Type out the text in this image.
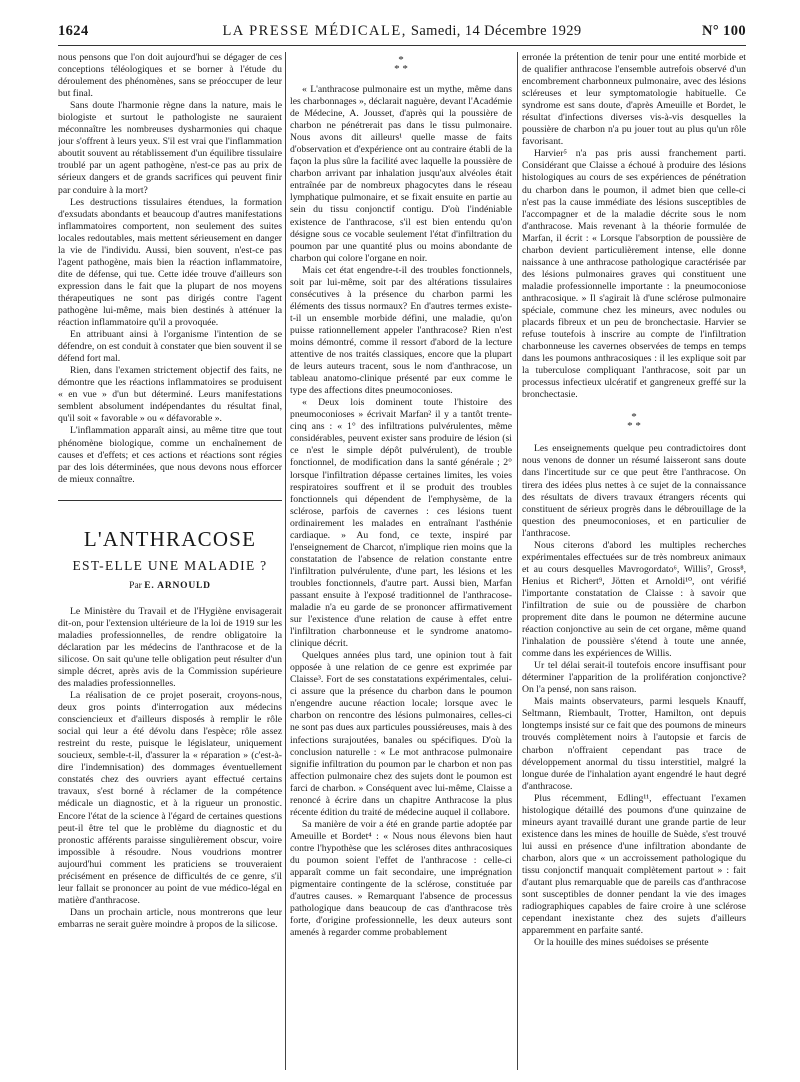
1624	LA PRESSE MÉDICALE, Samedi, 14 Décembre 1929	N° 100

nous pensons que l'on doit aujourd'hui se dégager de ces conceptions téléologiques et se borner à l'étude du déroulement des phénomènes, sans se préoccuper de leur but final.

Sans doute l'harmonie règne dans la nature, mais le biologiste et surtout le pathologiste ne sauraient méconnaître les nombreuses dysharmonies qui chaque jour s'offrent à leurs yeux. S'il est vrai que l'inflammation aboutit souvent au rétablissement d'un équilibre tissulaire troublé par un agent pathogène, n'est-ce pas au prix de sérieux dangers et de grands sacrifices qui peuvent finir par conduire à la mort?

Les destructions tissulaires étendues, la formation d'exsudats abondants et beaucoup d'autres manifestations inflammatoires comportent, non seulement des suites locales redoutables, mais mettent sérieusement en danger la vie de l'individu. Aussi, bien souvent, n'est-ce pas l'agent pathogène, mais bien la réaction inflammatoire, dite de défense, qui tue. Cette idée trouve d'ailleurs son expression dans le fait que la plupart de nos moyens thérapeutiques ne sont pas dirigés contre l'agent pathogène lui-même, mais bien destinés à atténuer la réaction inflammatoire qu'il a provoquée.

En attribuant ainsi à l'organisme l'intention de se défendre, on est conduit à constater que bien souvent il se défend fort mal.

Rien, dans l'examen strictement objectif des faits, ne démontre que les réactions inflammatoires se produisent « en vue » d'un but déterminé. Leurs manifestations semblent absolument indépendantes du résultat final, qu'il soit « favorable » ou « défavorable ».

L'inflammation apparaît ainsi, au même titre que tout phénomène biologique, comme un enchaînement de causes et d'effets; et ces actions et réactions sont régies par des lois déterminées, que nous devons nous efforcer de mieux connaître.

L'ANTHRACOSE
EST-ELLE UNE MALADIE ?
Par E. ARNOULD

Le Ministère du Travail et de l'Hygiène envisagerait dit-on, pour l'extension ultérieure de la loi de 1919 sur les maladies professionnelles, de rendre obligatoire la déclaration par les médecins de l'anthracose et de la silicose. On sait qu'une telle obligation peut résulter d'un simple décret, après avis de la Commission supérieure des maladies professionnelles.

La réalisation de ce projet poserait, croyons-nous, deux gros points d'interrogation aux médecins consciencieux et d'ailleurs disposés à remplir le rôle social qui leur a été dévolu dans l'espèce; rôle assez restreint du reste, puisque le législateur, uniquement soucieux, semble-t-il, d'assurer la « réparation » (c'est-à-dire l'indemnisation) des dommages éventuellement constatés chez des ouvriers ayant effectué certains travaux, s'est borné à réclamer de la compétence médicale un diagnostic, et à la rigueur un pronostic. Encore l'état de la science à l'égard de certaines questions peut-il être tel que le problème du diagnostic et du pronostic afférents paraisse singulièrement obscur, voire impossible à résoudre. Nous voudrions montrer aujourd'hui comment les praticiens se trouveraient précisément en présence de difficultés de ce genre, s'il leur fallait se prononcer au point de vue médico-légal en matière d'anthracose.

Dans un prochain article, nous montrerons que leur embarras ne serait guère moindre à propos de la silicose.

*
* *

« L'anthracose pulmonaire est un mythe, même dans les charbonnages », déclarait naguère, devant l'Académie de Médecine, A. Jousset, d'après qui la poussière de charbon ne pénétrerait pas dans le tissu pulmonaire. Nous avons dit ailleurs¹ quelle masse de faits d'observation et d'expérience ont au contraire établi de la façon la plus sûre la facilité avec laquelle la poussière de charbon arrivant par inhalation jusqu'aux alvéoles était entraînée par de nombreux phagocytes dans le réseau lymphatique pulmonaire, et se fixait ensuite en partie au sein du tissu conjonctif contigu. D'où l'indéniable existence de l'anthracose, s'il est bien entendu qu'on désigne sous ce vocable seulement l'état d'infiltration du poumon par une quantité plus ou moins abondante de charbon qui colore l'organe en noir.

Mais cet état engendre-t-il des troubles fonctionnels, soit par lui-même, soit par des altérations tissulaires consécutives à la présence du charbon parmi les éléments des tissus normaux? En d'autres termes existe-t-il un ensemble morbide défini, une maladie, qu'on puisse rationnellement appeler l'anthracose? Rien n'est moins démontré, comme il ressort d'abord de la lecture attentive de nos traités classiques, encore que la plupart de leurs auteurs tracent, sous le nom d'anthracose, un tableau anatomo-clinique présenté par eux comme le type des affections dites pneumoconioses.

« Deux lois dominent toute l'histoire des pneumoconioses » écrivait Marfan² il y a tantôt trente-cinq ans : « 1° des infiltrations pulvérulentes, même considérables, peuvent exister sans produire de lésion (si ce n'est le simple dépôt pulvérulent), de trouble fonctionnel, de modification dans la santé générale ; 2° lorsque l'infiltration dépasse certaines limites, les voies respiratoires souffrent et il se produit des troubles fonctionnels qui dépendent de l'emphysème, de la sclérose, parfois de cavernes : ces lésions tuent ordinairement les malades en entraînant l'asthénie cardiaque. » Au fond, ce texte, inspiré par l'enseignement de Charcot, n'implique rien moins que la constatation de l'absence de relation constante entre l'infiltration pulvérulente, d'une part, les lésions et les troubles fonctionnels, d'autre part. Aussi bien, Marfan passant ensuite à l'exposé traditionnel de l'anthracose-maladie n'a eu garde de se prononcer affirmativement sur l'existence d'une relation de cause à effet entre l'infiltration charbonneuse et le syndrome anatomo-clinique décrit.

Quelques années plus tard, une opinion tout à fait opposée à une relation de ce genre est exprimée par Claisse³. Fort de ses constatations expérimentales, celui-ci assure que la présence du charbon dans le poumon n'engendre aucune réaction locale; lorsque avec le charbon on rencontre des lésions pulmonaires, celles-ci ne sont pas dues aux particules poussiéreuses, mais à des infections surajoutées, banales ou spécifiques. D'où la conclusion naturelle : « Le mot anthracose pulmonaire signifie infiltration du poumon par le charbon et non pas affection pulmonaire chez des sujets dont le poumon est farci de charbon. » Conséquent avec lui-même, Claisse a renoncé à écrire dans un chapitre Anthracose la plus récente édition du traité de médecine auquel il collabore.

Sa manière de voir a été en grande partie adoptée par Ameuille et Bordet⁴ : « Nous nous élevons bien haut contre l'hypothèse que les scléroses dites anthracosiques du poumon soient l'effet de l'anthracose : celle-ci apparaît comme un fait secondaire, une imprégnation pigmentaire contingente de la sclérose, constituée par d'autres causes. » Remarquant l'absence de processus pathologique dans beaucoup de cas d'anthracose très forte, d'origine professionnelle, les deux auteurs sont amenés à regarder comme probablement

erronée la prétention de tenir pour une entité morbide et de qualifier anthracose l'ensemble autrefois observé d'un encombrement charbonneux pulmonaire, avec des lésions scléreuses et leur symptomatologie habituelle. Ce syndrome est sans doute, d'après Ameuille et Bordet, le résultat d'infections diverses vis-à-vis desquelles la poussière de charbon n'a pu jouer tout au plus qu'un rôle favorisant.

Harvier⁵ n'a pas pris aussi franchement parti. Considérant que Claisse a échoué à produire des lésions histologiques au cours de ses expériences de pénétration du charbon dans le poumon, il admet bien que celle-ci n'est pas la cause immédiate des lésions susceptibles de l'accompagner et de la maladie décrite sous le nom d'anthracose. Mais revenant à la théorie formulée de Marfan, il écrit : « Lorsque l'absorption de poussière de charbon devient particulièrement intense, elle donne naissance à une anthracose pathologique caractérisée par des lésions pulmonaires graves qui constituent une maladie professionnelle importante : la pneumoconiose anthracosique. » Il s'agirait là d'une sclérose pulmonaire spéciale, commune chez les mineurs, avec nodules ou placards fibreux et un peu de bronchectasie. Harvier se refuse toutefois à inscrire au compte de l'infiltration charbonneuse les cavernes observées de temps en temps dans les poumons anthracosiques : il les explique soit par la tuberculose compliquant l'anthracose, soit par un processus infectieux ulcératif et gangreneux greffé sur la bronchectasie.

*
* *

Les enseignements quelque peu contradictoires dont nous venons de donner un résumé laisseront sans doute dans l'incertitude sur ce que peut être l'anthracose. On tirera des idées plus nettes à ce sujet de la connaissance des résultats de divers travaux étrangers récents qui constituent de sérieux progrès dans le débrouillage de la question des pneumoconioses, et en particulier de l'anthracose.

Nous citerons d'abord les multiples recherches expérimentales effectuées sur de très nombreux animaux et au cours desquelles Mavrogordato⁶, Willis⁷, Gross⁸, Henius et Richert⁹, Jötten et Arnoldi¹⁰, ont vérifié l'importante constatation de Claisse : à savoir que l'infiltration de suie ou de poussière de charbon proprement dite dans le poumon ne détermine aucune réaction conjonctive au sein de cet organe, même quand l'inhalation de poussière s'étend à toute une année, comme dans les expériences de Willis.

Ur tel délai serait-il toutefois encore insuffisant pour déterminer l'apparition de la prolifération conjonctive? On l'a pensé, non sans raison.

Mais maints observateurs, parmi lesquels Knauff, Seltmann, Riembault, Trotter, Hamilton, ont depuis longtemps insisté sur ce fait que des poumons de mineurs trouvés complètement noirs à l'autopsie et farcis de charbon n'offraient cependant pas trace de développement anormal du tissu interstitiel, malgré la longue durée de l'inhalation ayant engendré le haut degré d'anthracose.

Plus récemment, Edling¹¹, effectuant l'examen histologique détaillé des poumons d'une quinzaine de mineurs ayant travaillé durant une grande partie de leur existence dans les mines de houille de Suède, s'est trouvé lui aussi en présence d'une infiltration abondante de charbon, alors que « un accroissement pathologique du tissu conjonctif manquait complètement partout » : fait d'autant plus remarquable que de pareils cas d'anthracose sont susceptibles de donner pendant la vie des images radiographiques capables de faire croire à une sclérose cependant inexistante chez des sujets d'ailleurs apparemment en parfaite santé.

Or la houille des mines suédoises se présente
